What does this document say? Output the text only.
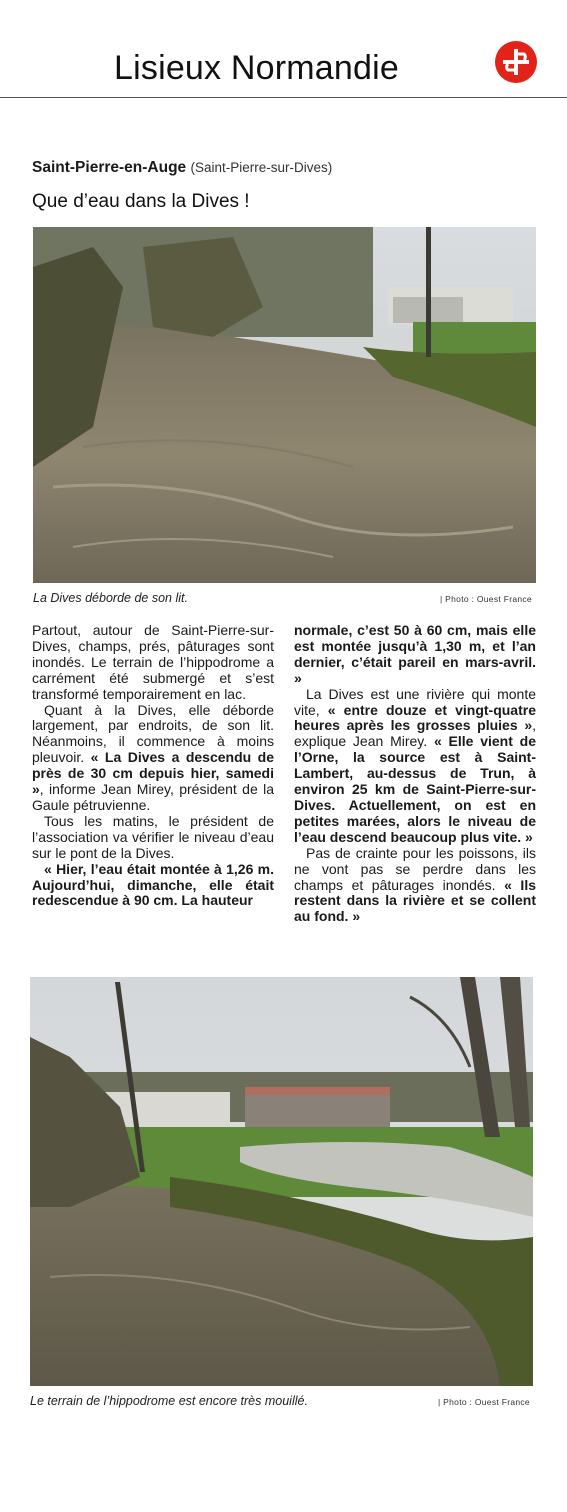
Lisieux Normandie
Saint-Pierre-en-Auge (Saint-Pierre-sur-Dives)
Que d’eau dans la Dives !
La Dives déborde de son lit.	| Photo : Ouest France

Partout, autour de Saint-Pierre-sur-Dives, champs, prés, pâturages sont inondés. Le terrain de l’hippodrome a carrément été submergé et s’est transformé temporairement en lac.

Quant à la Dives, elle déborde largement, par endroits, de son lit. Néanmoins, il commence à moins pleuvoir. « La Dives a descendu de près de 30 cm depuis hier, samedi », informe Jean Mirey, président de la Gaule pétruvienne.

Tous les matins, le président de l’association va vérifier le niveau d’eau sur le pont de la Dives.

« Hier, l’eau était montée à 1,26 m. Aujourd’hui, dimanche, elle était redescendue à 90 cm. La hauteur

normale, c’est 50 à 60 cm, mais elle est montée jusqu’à 1,30 m, et l’an dernier, c’était pareil en mars-avril. »

La Dives est une rivière qui monte vite, « entre douze et vingt-quatre heures après les grosses pluies », explique Jean Mirey. « Elle vient de l’Orne, la source est à Saint-Lambert, au-dessus de Trun, à environ 25 km de Saint-Pierre-sur-Dives. Actuellement, on est en petites marées, alors le niveau de l’eau descend beaucoup plus vite. »

Pas de crainte pour les poissons, ils ne vont pas se perdre dans les champs et pâturages inondés. « Ils restent dans la rivière et se collent au fond. »

Le terrain de l’hippodrome est encore très mouillé.	| Photo : Ouest France
